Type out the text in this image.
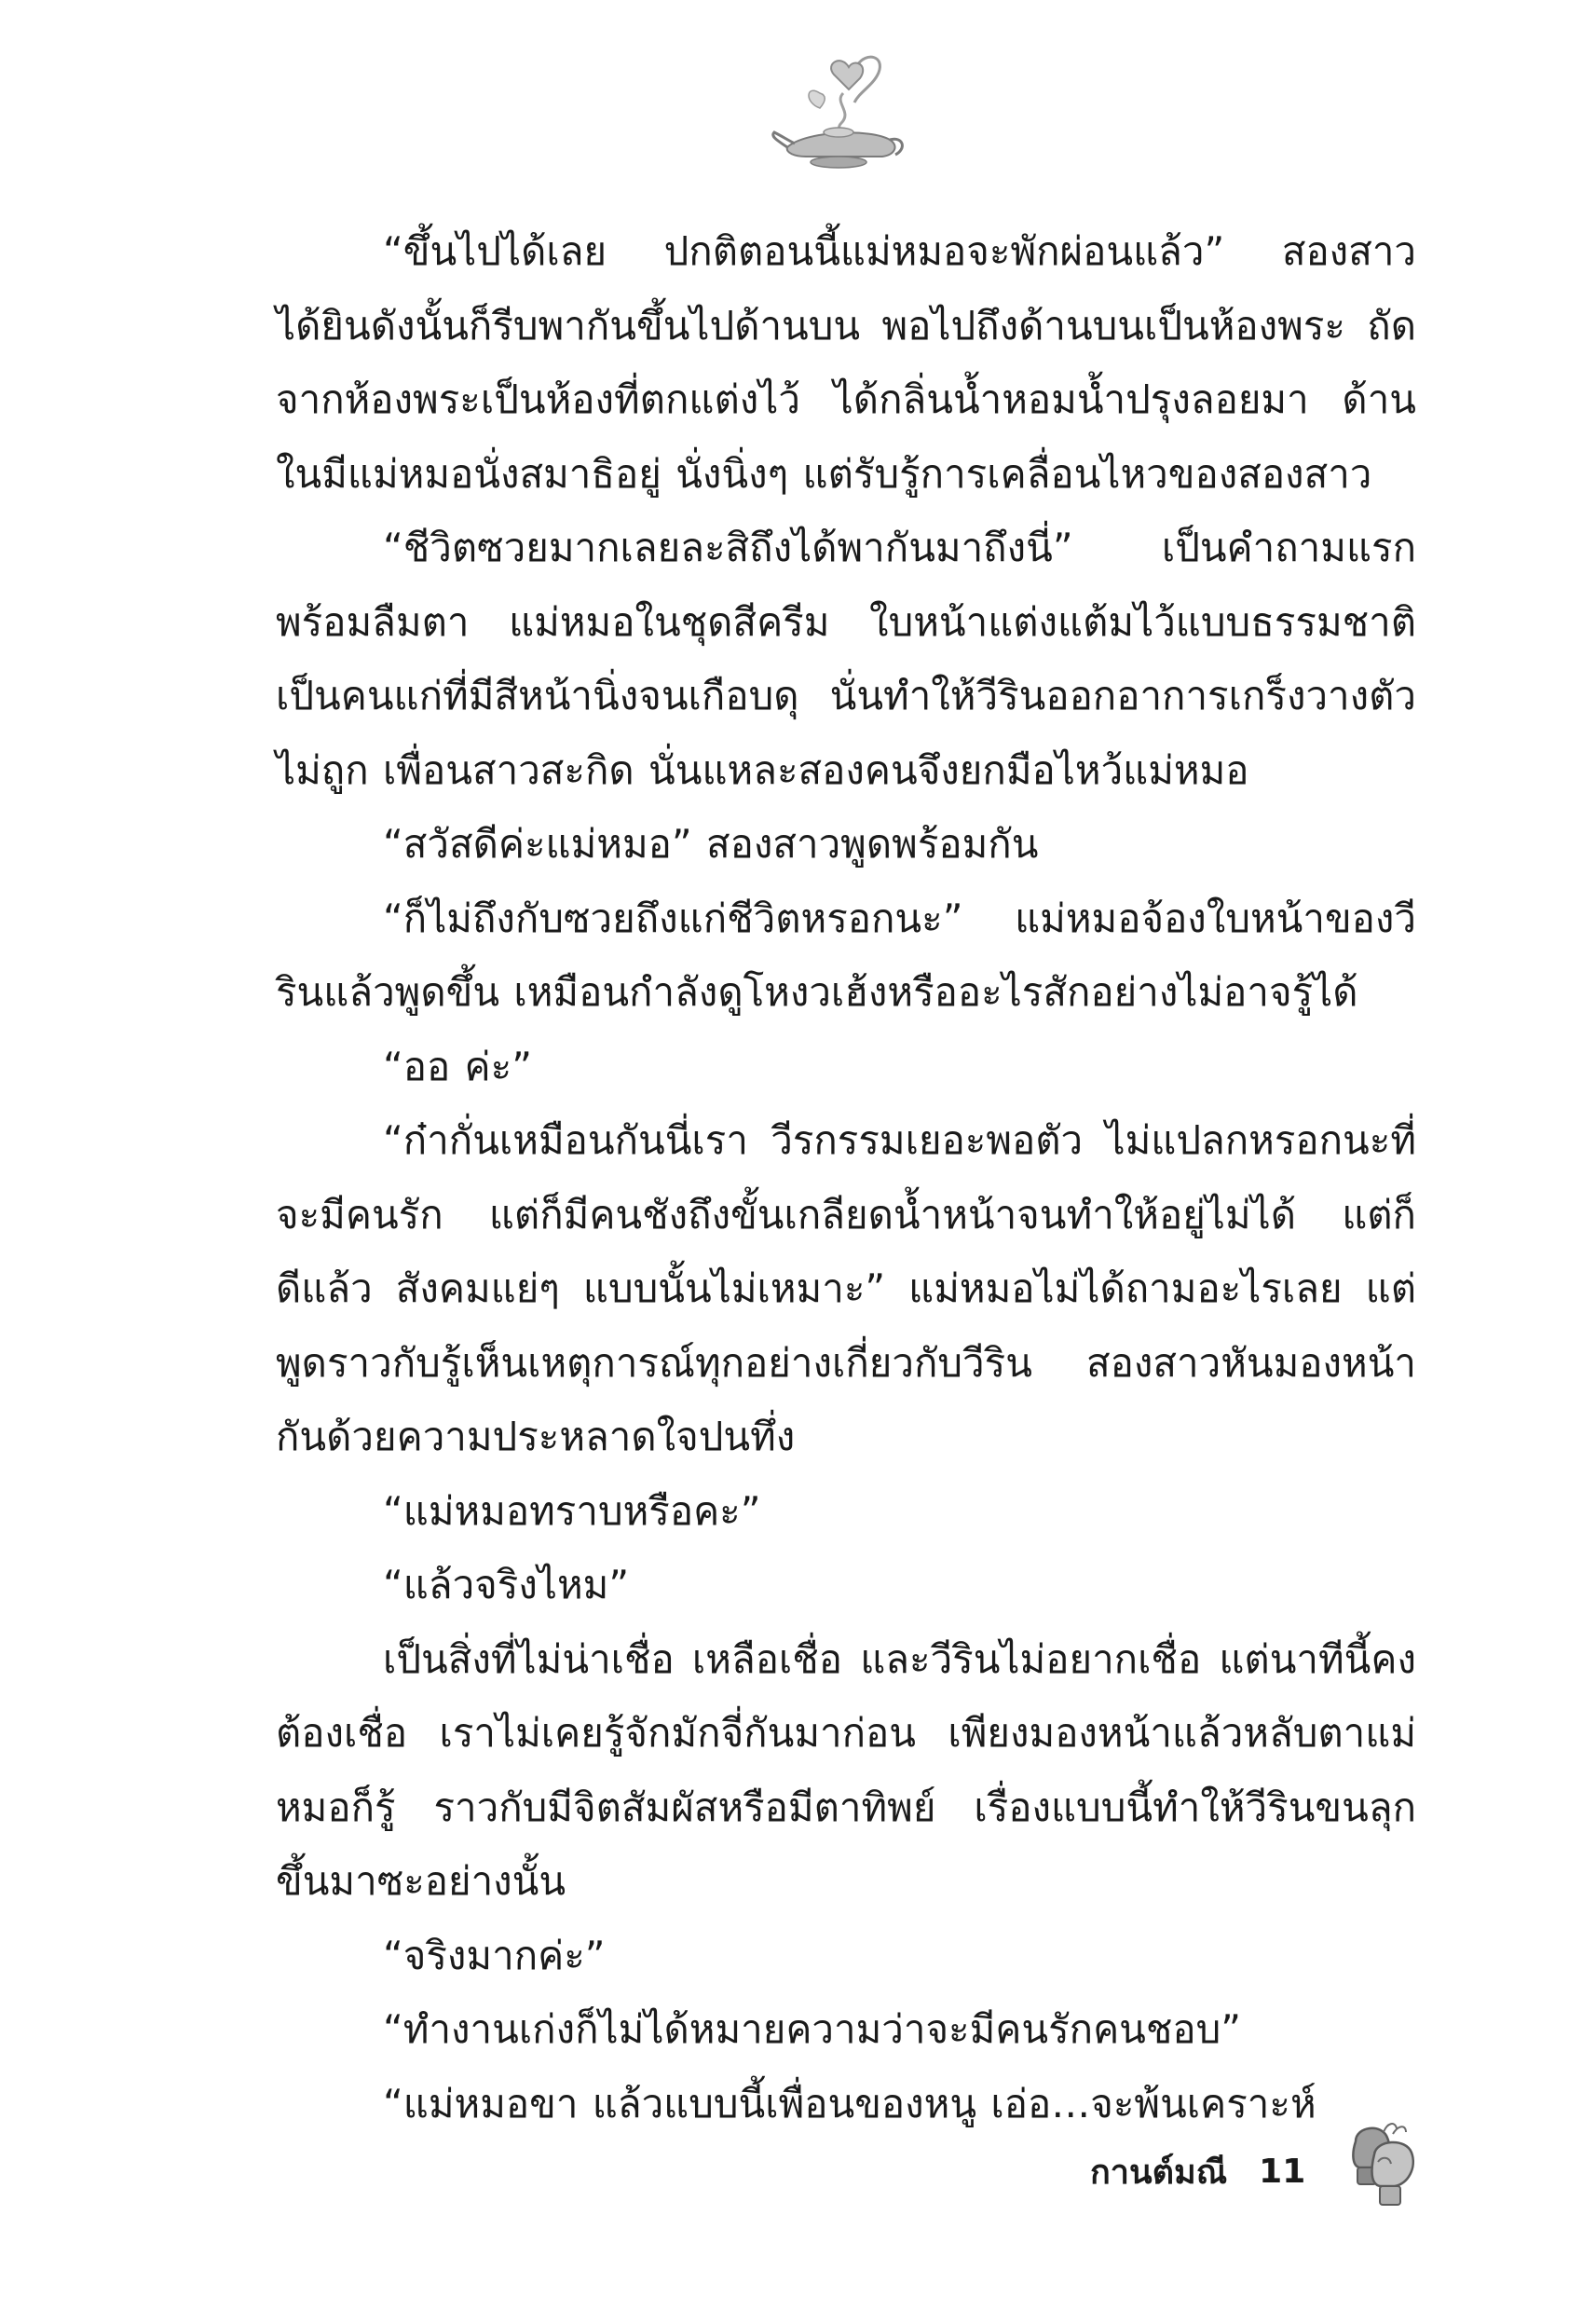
“ขึ้นไปได้เลย ปกติตอนนี้แม่หมอจะพักผ่อนแล้ว” สองสาวได้ยินดังนั้นก็รีบพากันขึ้นไปด้านบน พอไปถึงด้านบนเป็นห้องพระ ถัดจากห้องพระเป็นห้องที่ตกแต่งไว้ ได้กลิ่นน้ำหอมน้ำปรุงลอยมา ด้านในมีแม่หมอนั่งสมาธิอยู่ นั่งนิ่งๆ แต่รับรู้การเคลื่อนไหวของสองสาว

“ชีวิตซวยมากเลยละสิถึงได้พากันมาถึงนี่” เป็นคำถามแรกพร้อมลืมตา แม่หมอในชุดสีครีม ใบหน้าแต่งแต้มไว้แบบธรรมชาติเป็นคนแก่ที่มีสีหน้านิ่งจนเกือบดุ นั่นทำให้วีรินออกอาการเกร็งวางตัวไม่ถูก เพื่อนสาวสะกิด นั่นแหละสองคนจึงยกมือไหว้แม่หมอ

“สวัสดีค่ะแม่หมอ” สองสาวพูดพร้อมกัน

“ก็ไม่ถึงกับซวยถึงแก่ชีวิตหรอกนะ” แม่หมอจ้องใบหน้าของวีรินแล้วพูดขึ้น เหมือนกำลังดูโหงวเฮ้งหรืออะไรสักอย่างไม่อาจรู้ได้

“ออ ค่ะ”

“ก๋ากั่นเหมือนกันนี่เรา วีรกรรมเยอะพอตัว ไม่แปลกหรอกนะที่จะมีคนรัก แต่ก็มีคนชังถึงขั้นเกลียดน้ำหน้าจนทำให้อยู่ไม่ได้ แต่ก็ดีแล้ว สังคมแย่ๆ แบบนั้นไม่เหมาะ” แม่หมอไม่ได้ถามอะไรเลย แต่พูดราวกับรู้เห็นเหตุการณ์ทุกอย่างเกี่ยวกับวีริน สองสาวหันมองหน้ากันด้วยความประหลาดใจปนทึ่ง

“แม่หมอทราบหรือคะ”

“แล้วจริงไหม”

เป็นสิ่งที่ไม่น่าเชื่อ เหลือเชื่อ และวีรินไม่อยากเชื่อ แต่นาทีนี้คงต้องเชื่อ เราไม่เคยรู้จักมักจี่กันมาก่อน เพียงมองหน้าแล้วหลับตาแม่หมอก็รู้ ราวกับมีจิตสัมผัสหรือมีตาทิพย์ เรื่องแบบนี้ทำให้วีรินขนลุกขึ้นมาซะอย่างนั้น

“จริงมากค่ะ”

“ทำงานเก่งก็ไม่ได้หมายความว่าจะมีคนรักคนชอบ”

“แม่หมอขา แล้วแบบนี้เพื่อนของหนู เอ่อ…จะพ้นเคราะห์

กานต์มณี 11
